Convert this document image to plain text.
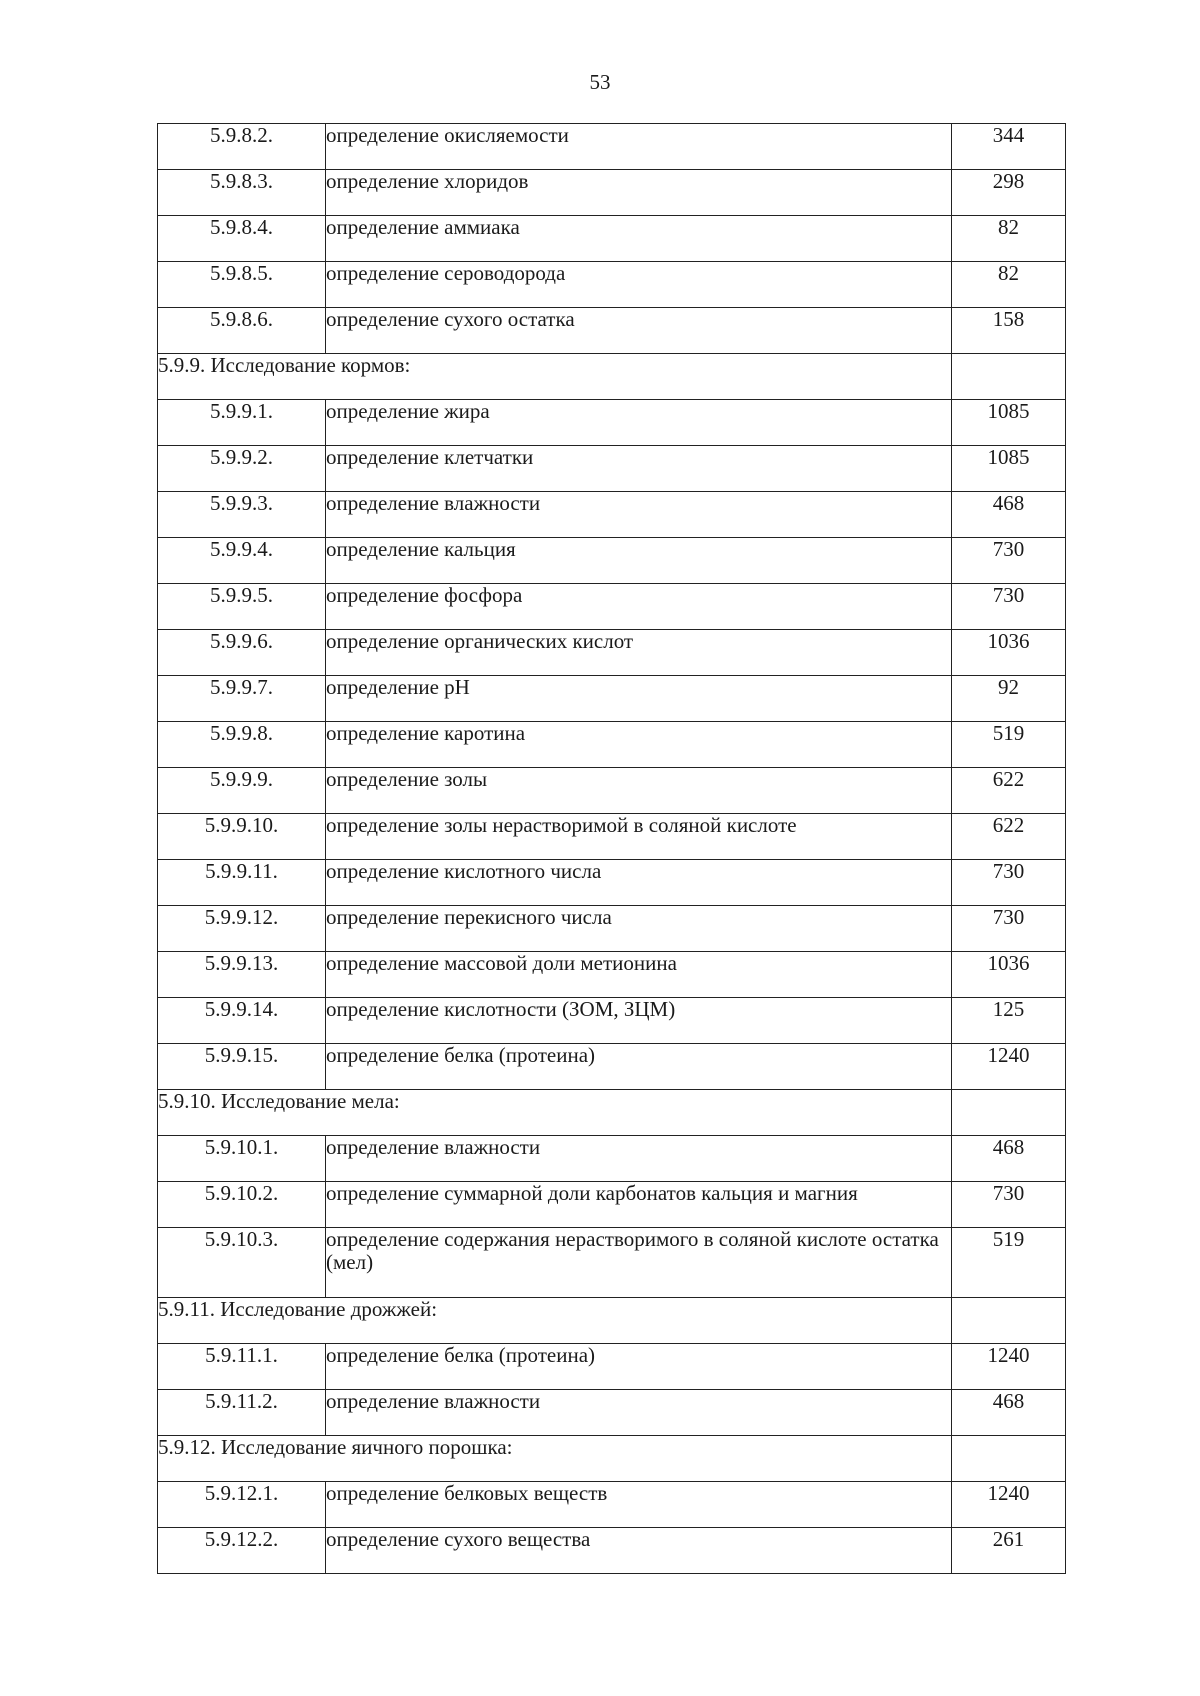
53
5.9.8.2.	определение окисляемости	344
5.9.8.3.	определение хлоридов	298
5.9.8.4.	определение аммиака	82
5.9.8.5.	определение сероводорода	82
5.9.8.6.	определение сухого остатка	158
5.9.9. Исследование кормов:		
5.9.9.1.	определение жира	1085
5.9.9.2.	определение клетчатки	1085
5.9.9.3.	определение влажности	468
5.9.9.4.	определение кальция	730
5.9.9.5.	определение фосфора	730
5.9.9.6.	определение органических кислот	1036
5.9.9.7.	определение pH	92
5.9.9.8.	определение каротина	519
5.9.9.9.	определение золы	622
5.9.9.10.	определение золы нерастворимой в соляной кислоте	622
5.9.9.11.	определение кислотного числа	730
5.9.9.12.	определение перекисного числа	730
5.9.9.13.	определение массовой доли метионина	1036
5.9.9.14.	определение кислотности (ЗОМ, ЗЦМ)	125
5.9.9.15.	определение белка (протеина)	1240
5.9.10. Исследование мела:		
5.9.10.1.	определение влажности	468
5.9.10.2.	определение суммарной доли карбонатов кальция и магния	730
5.9.10.3.	определение содержания нерастворимого в соляной кислоте остатка (мел)	519
5.9.11. Исследование дрожжей:		
5.9.11.1.	определение белка (протеина)	1240
5.9.11.2.	определение влажности	468
5.9.12. Исследование яичного порошка:		
5.9.12.1.	определение белковых веществ	1240
5.9.12.2.	определение сухого вещества	261
